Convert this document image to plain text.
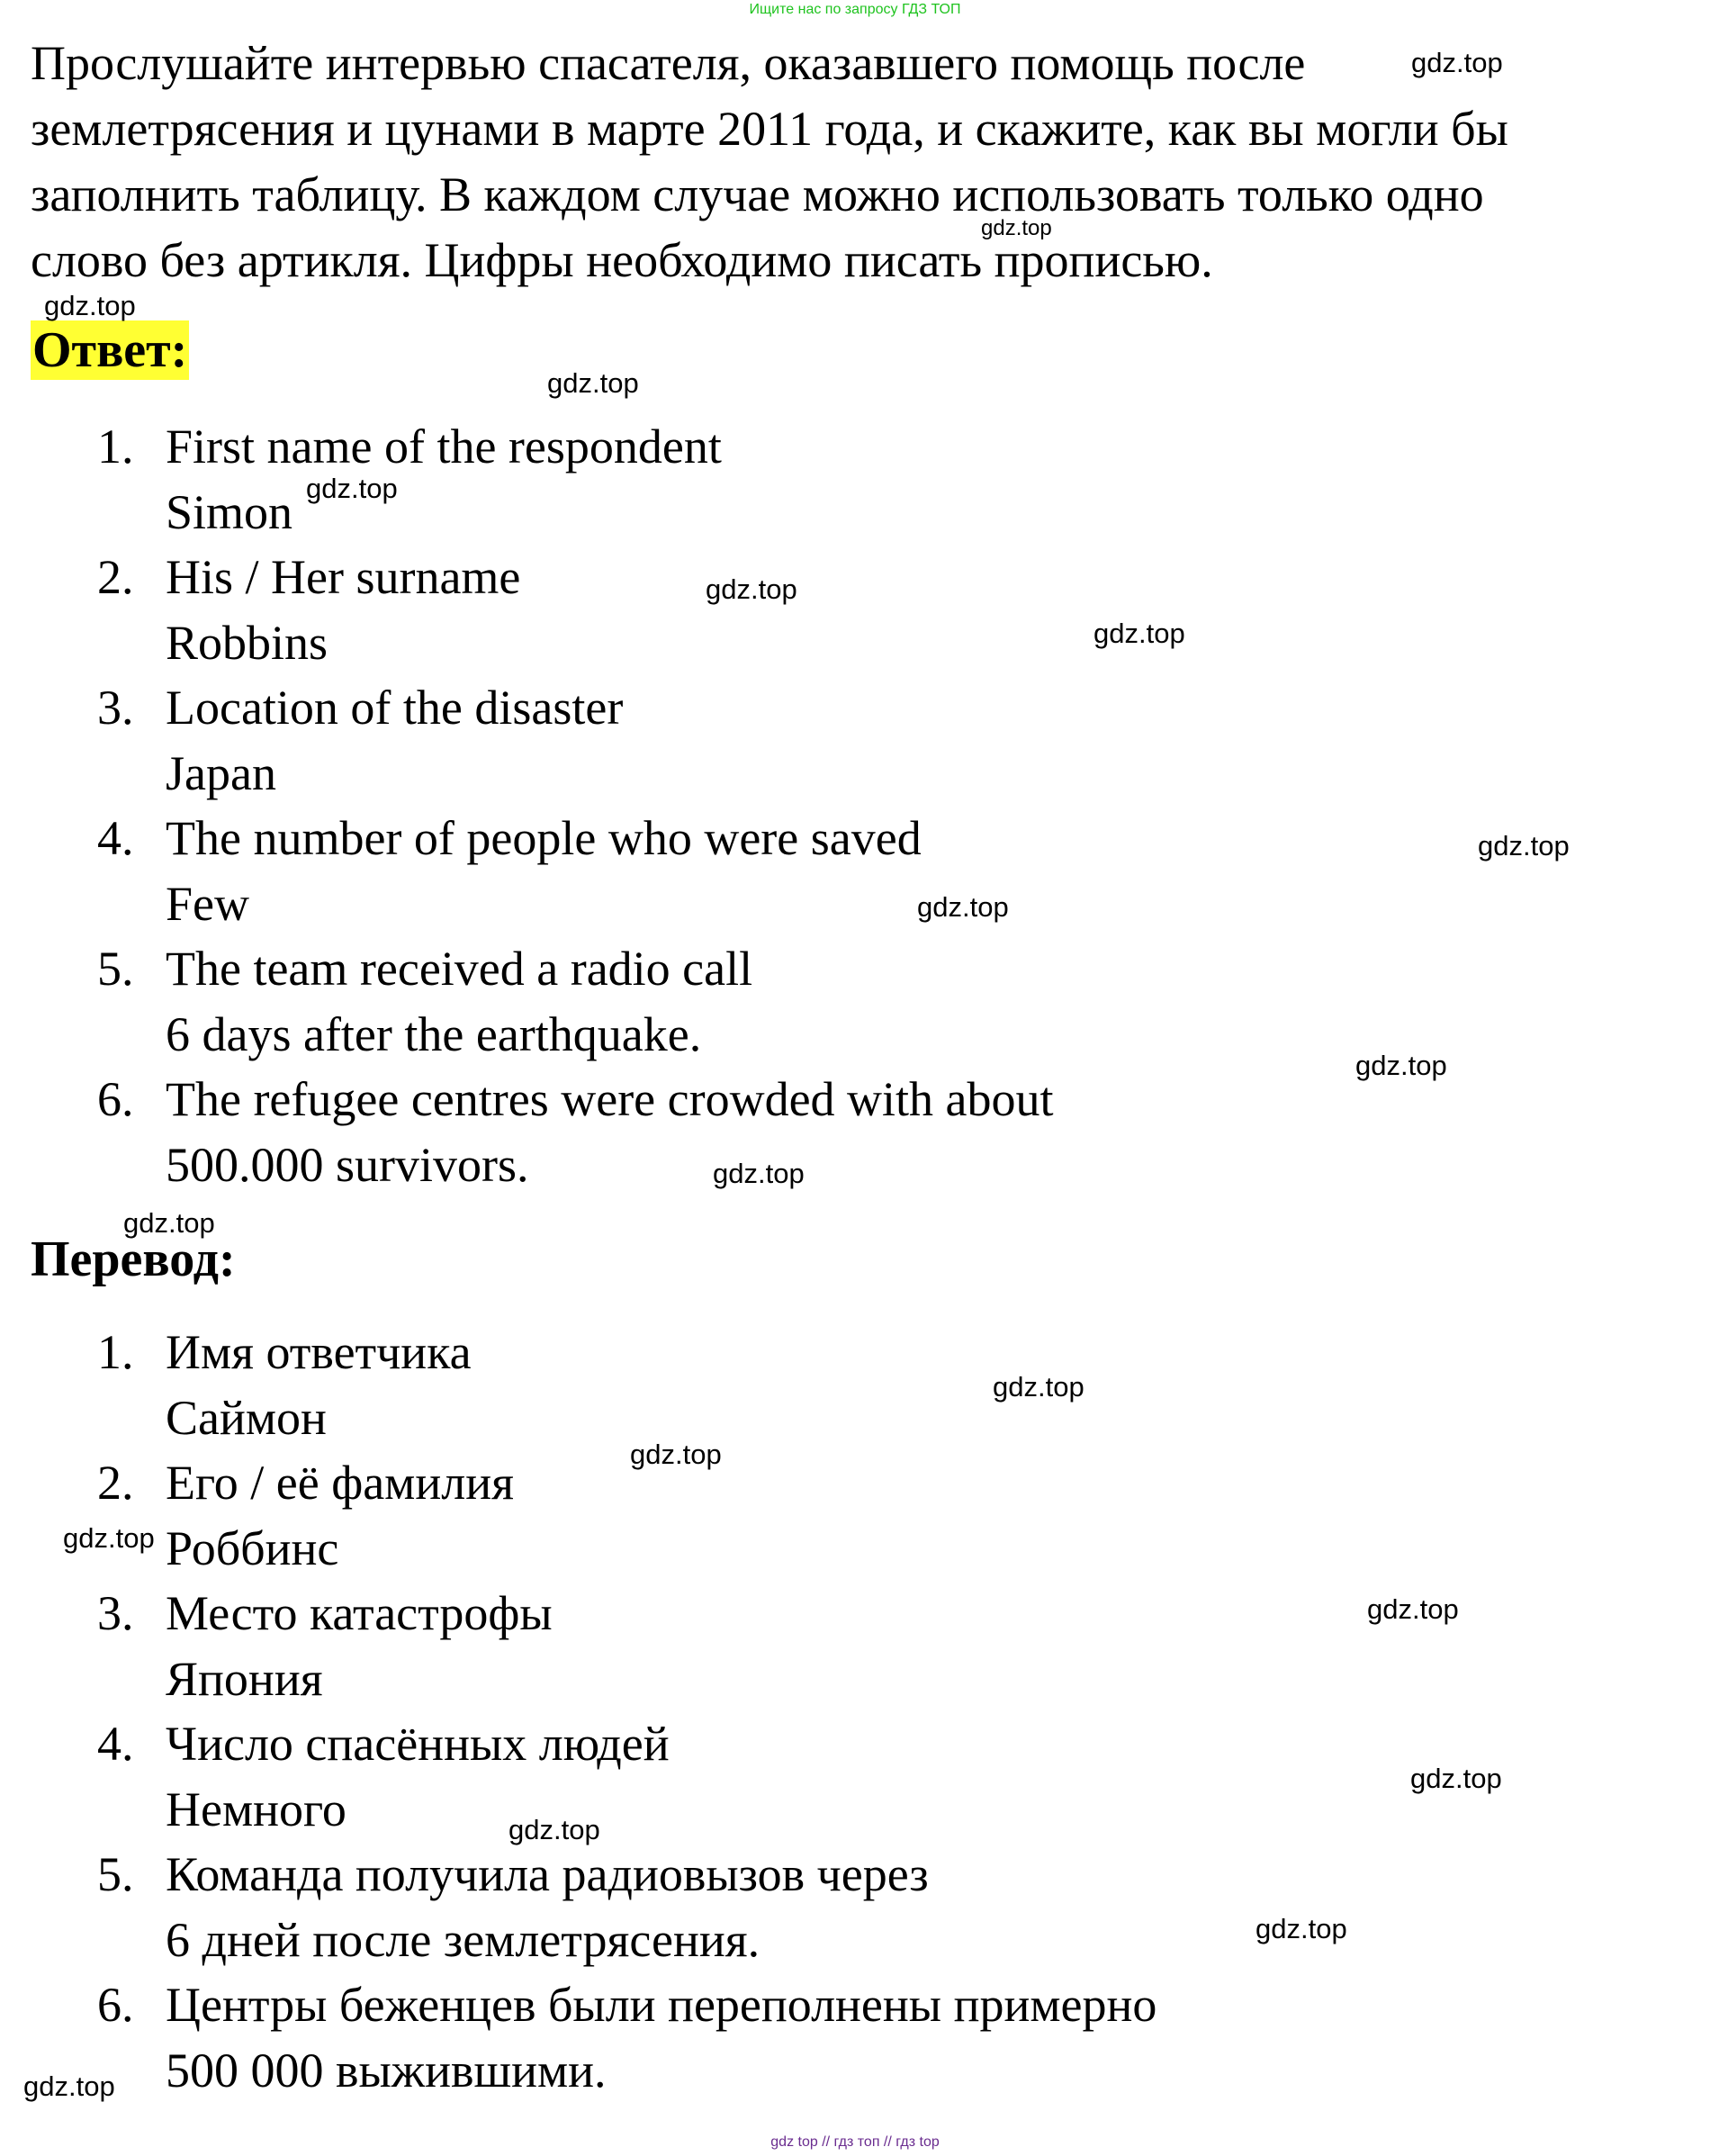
Ищите нас по запросу ГДЗ ТОП

Прослушайте интервью спасателя, оказавшего помощь после землетрясения и цунами в марте 2011 года, и скажите, как вы могли бы заполнить таблицу. В каждом случае можно использовать только одно слово без артикля. Цифры необходимо писать прописью.

Ответ:
1. First name of the respondent
Simon
2. His / Her surname
Robbins
3. Location of the disaster
Japan
4. The number of people who were saved
Few
5. The team received a radio call
6 days after the earthquake.
6. The refugee centres were crowded with about
500.000 survivors.
Перевод:
1. Имя ответчика
Саймон
2. Его / её фамилия
Роббинс
3. Место катастрофы
Япония
4. Число спасённых людей
Немного
5. Команда получила радиовызов через
6 дней после землетрясения.
6. Центры беженцев были переполнены примерно
500 000 выжившими.
gdz.top
gdz.top
gdz.top
gdz.top
gdz.top
gdz.top
gdz.top
gdz.top
gdz.top
gdz.top
gdz.top
gdz.top
gdz.top
gdz.top
gdz.top
gdz.top
gdz.top
gdz.top
gdz.top
gdz.top
gdz top // гдз топ // гдз top
